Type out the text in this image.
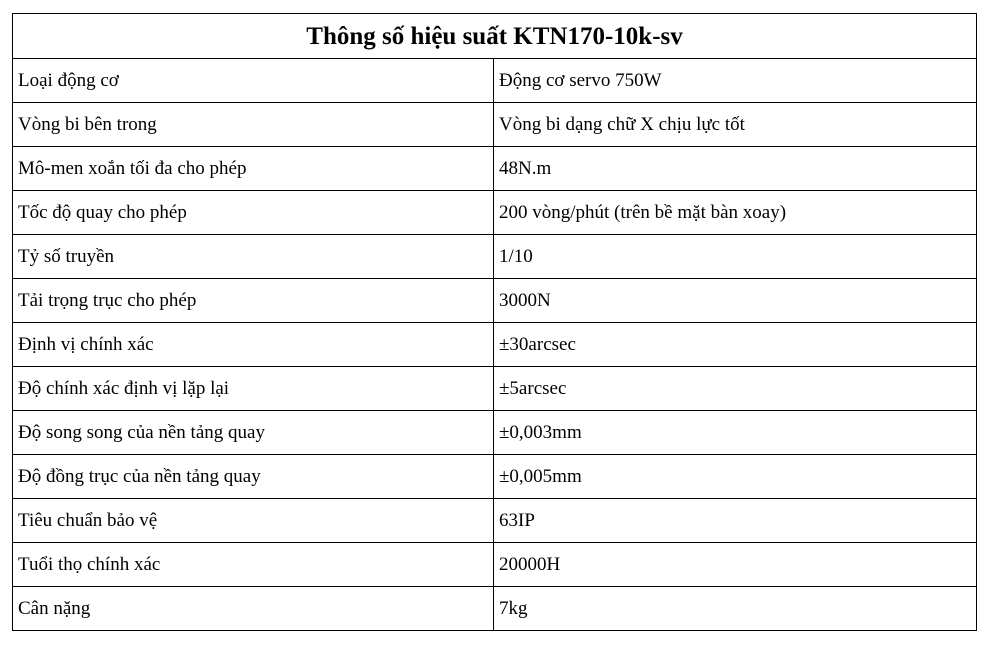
Thông số hiệu suất KTN170-10k-sv	
Loại động cơ	Động cơ servo 750W
Vòng bi bên trong	Vòng bi dạng chữ X chịu lực tốt
Mô-men xoắn tối đa cho phép	48N.m
Tốc độ quay cho phép	200 vòng/phút (trên bề mặt bàn xoay)
Tỷ số truyền	1/10
Tải trọng trục cho phép	3000N
Định vị chính xác	±30arcsec
Độ chính xác định vị lặp lại	±5arcsec
Độ song song của nền tảng quay	±0,003mm
Độ đồng trục của nền tảng quay	±0,005mm
Tiêu chuẩn bảo vệ	63IP
Tuổi thọ chính xác	20000H
Cân nặng	7kg
